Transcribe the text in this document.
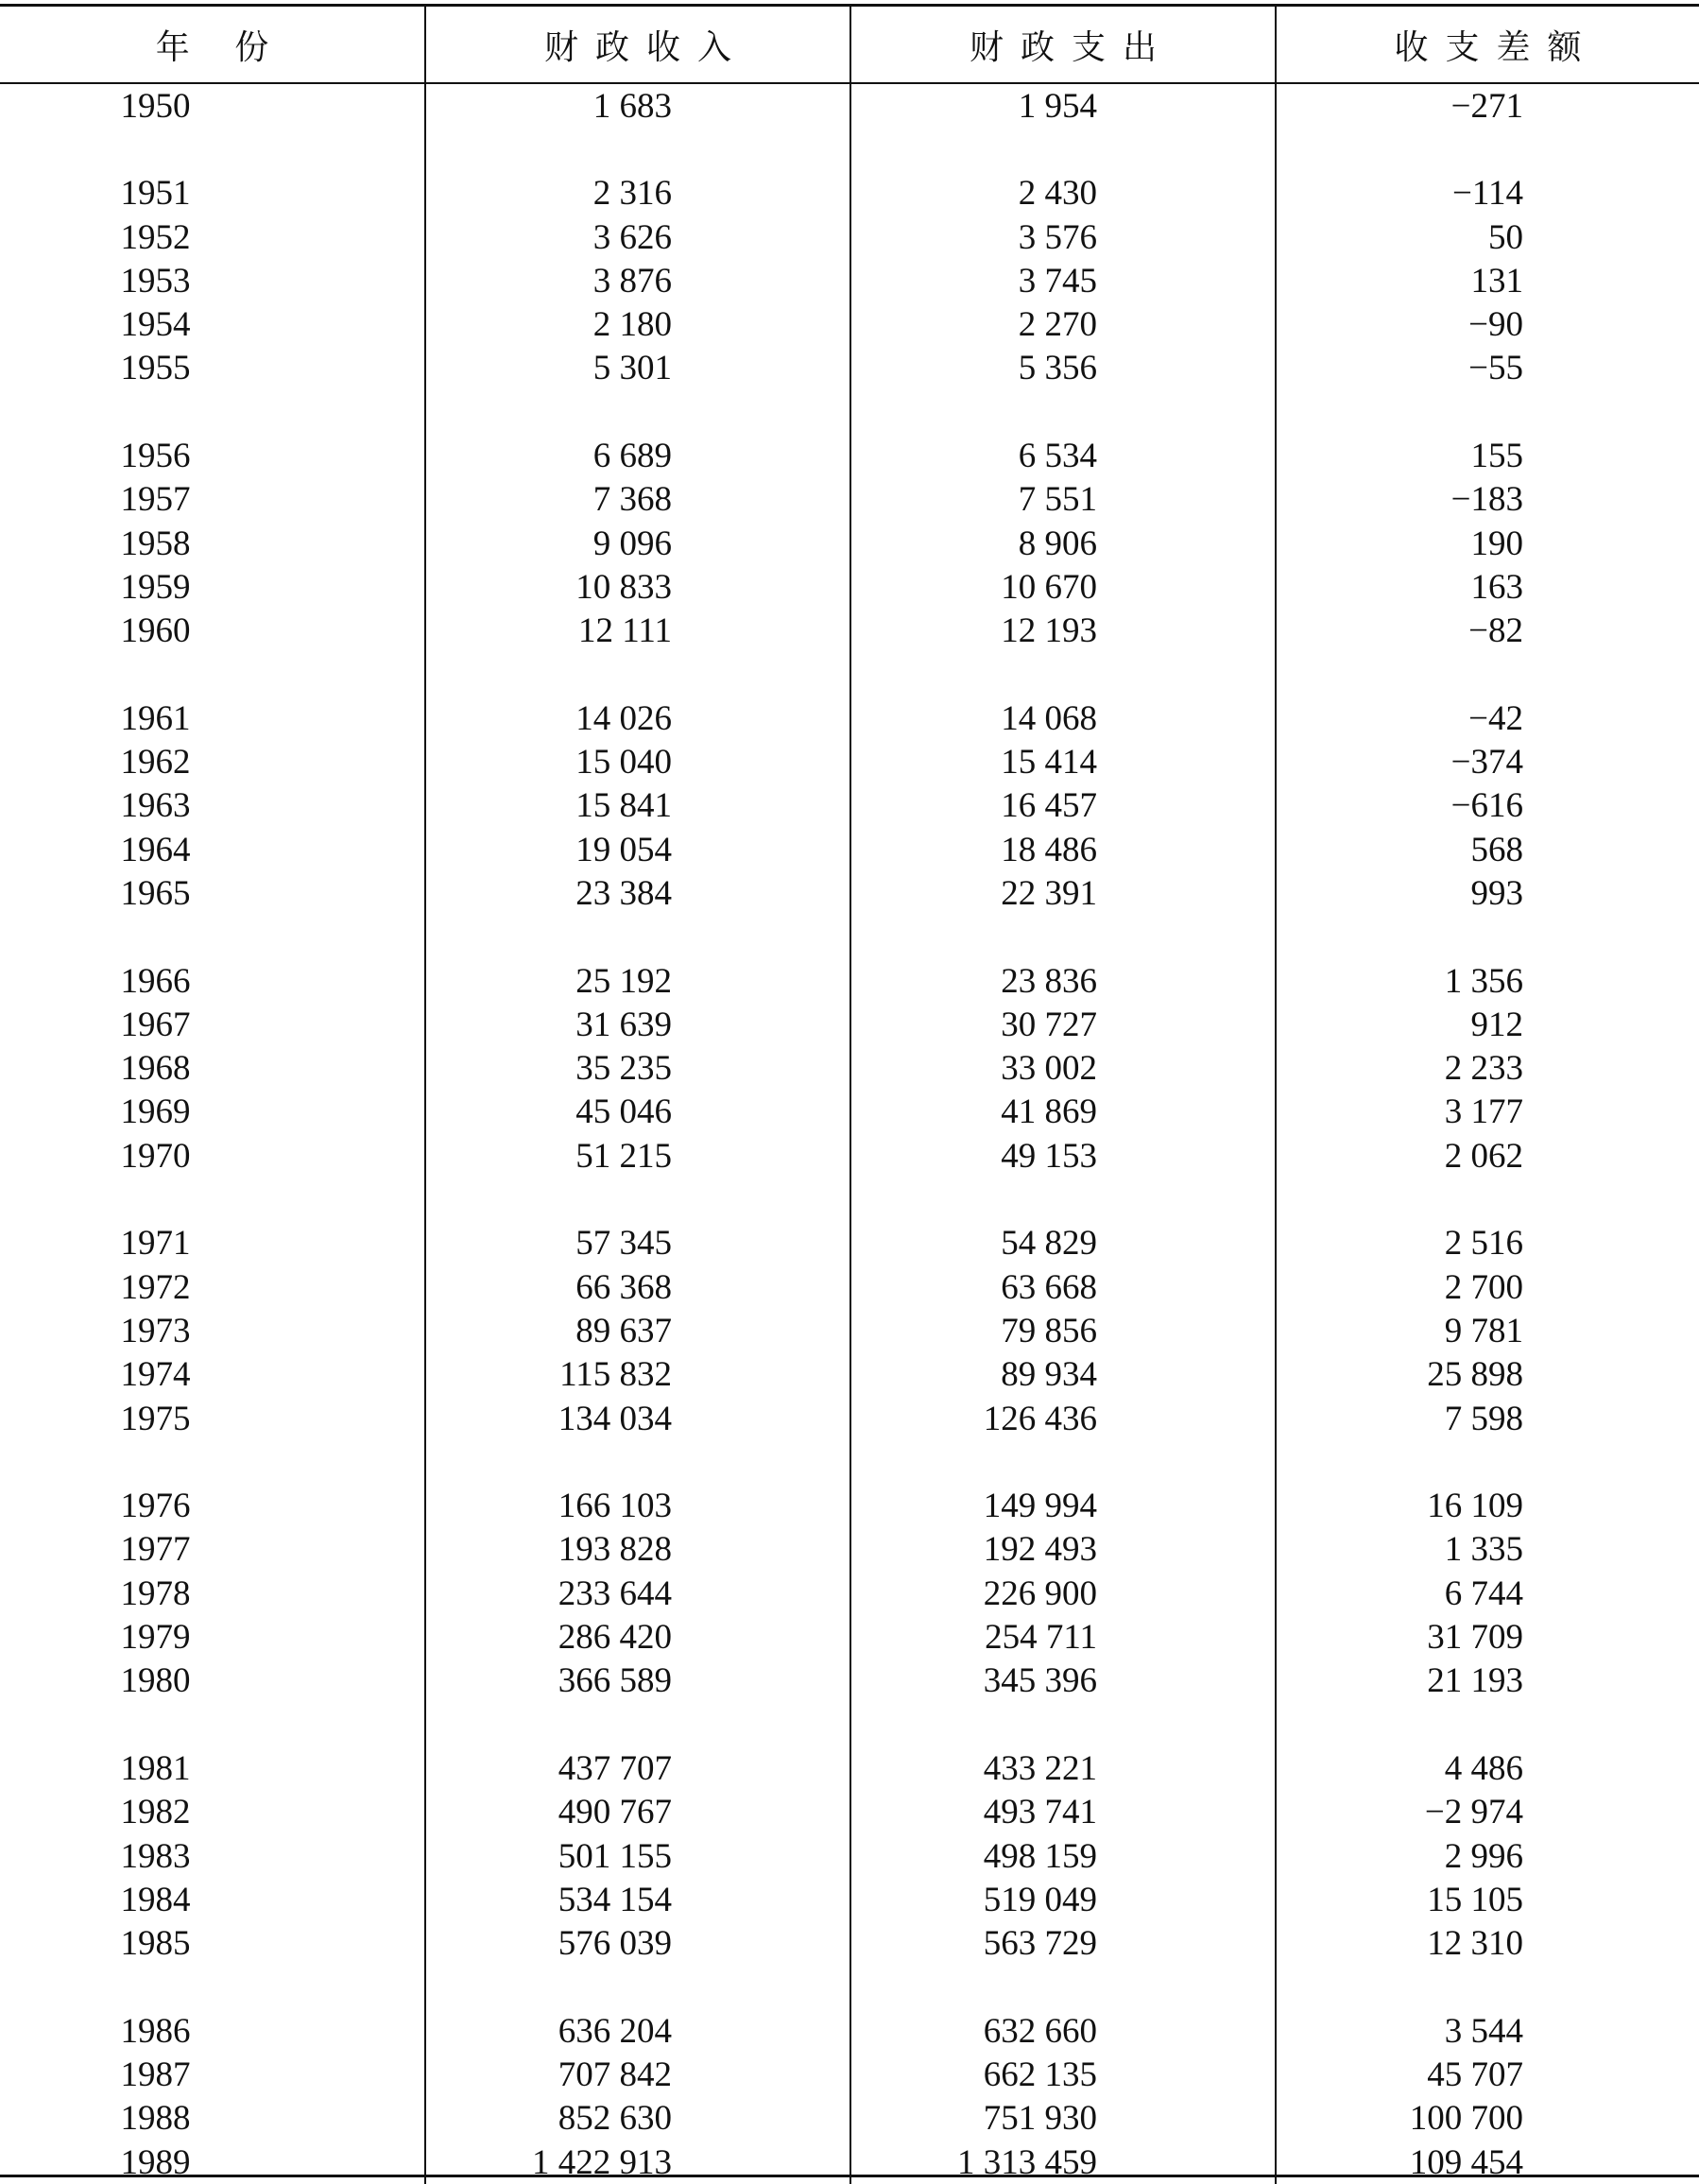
年 份	财政收入	财政支出	收支差额
1950	1 683	1 954	−271

1951	2 316	2 430	−114
1952	3 626	3 576	50
1953	3 876	3 745	131
1954	2 180	2 270	−90
1955	5 301	5 356	−55

1956	6 689	6 534	155
1957	7 368	7 551	−183
1958	9 096	8 906	190
1959	10 833	10 670	163
1960	12 111	12 193	−82

1961	14 026	14 068	−42
1962	15 040	15 414	−374
1963	15 841	16 457	−616
1964	19 054	18 486	568
1965	23 384	22 391	993

1966	25 192	23 836	1 356
1967	31 639	30 727	912
1968	35 235	33 002	2 233
1969	45 046	41 869	3 177
1970	51 215	49 153	2 062

1971	57 345	54 829	2 516
1972	66 368	63 668	2 700
1973	89 637	79 856	9 781
1974	115 832	89 934	25 898
1975	134 034	126 436	7 598

1976	166 103	149 994	16 109
1977	193 828	192 493	1 335
1978	233 644	226 900	6 744
1979	286 420	254 711	31 709
1980	366 589	345 396	21 193

1981	437 707	433 221	4 486
1982	490 767	493 741	−2 974
1983	501 155	498 159	2 996
1984	534 154	519 049	15 105
1985	576 039	563 729	12 310

1986	636 204	632 660	3 544
1987	707 842	662 135	45 707
1988	852 630	751 930	100 700
1989	1 422 913	1 313 459	109 454
